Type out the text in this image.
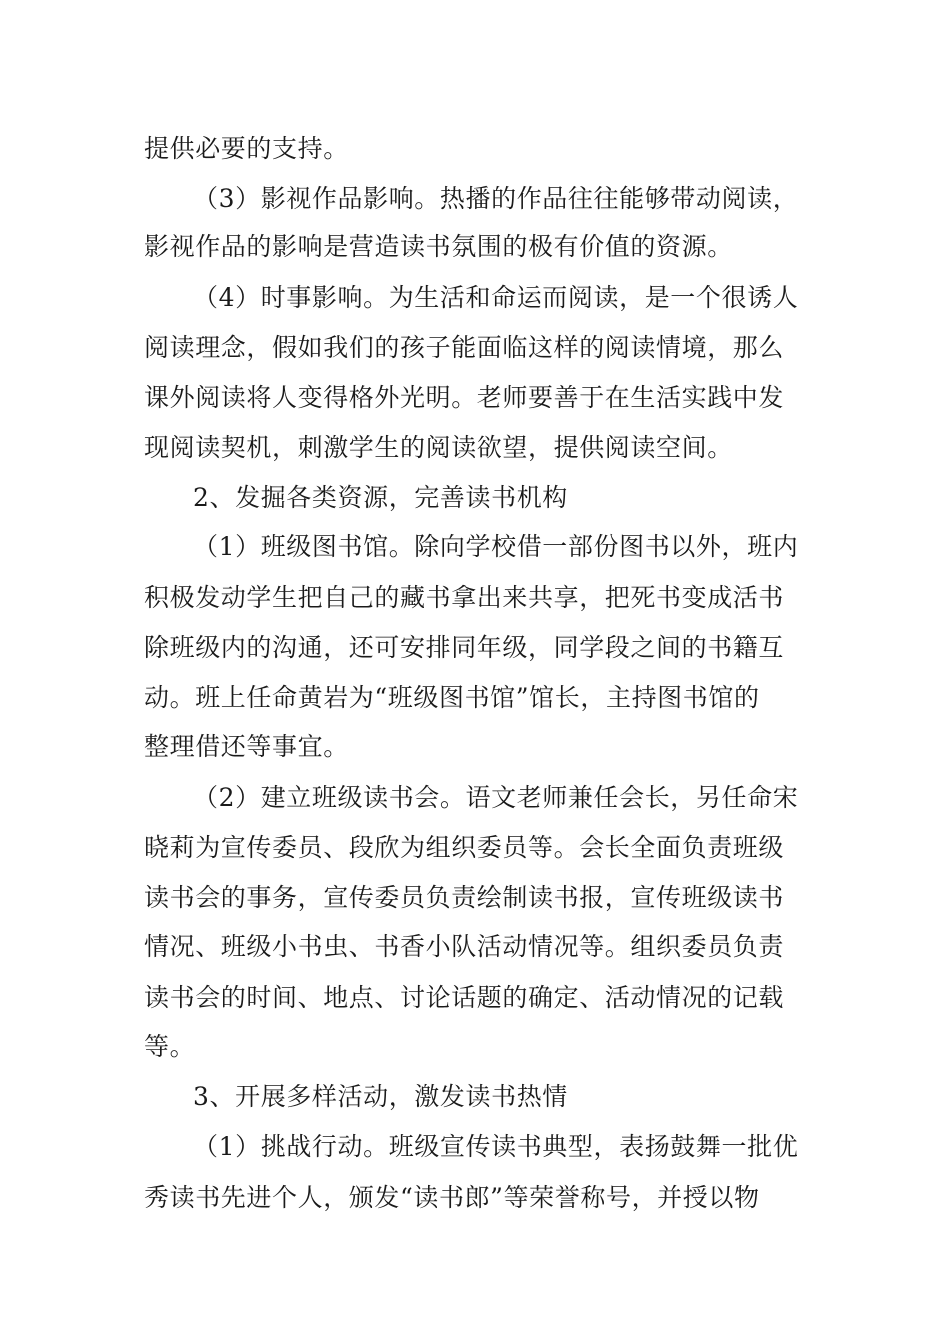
提供必要的支持。
（3）影视作品影响。热播的作品往往能够带动阅读，
影视作品的影响是营造读书氛围的极有价值的资源。
（4）时事影响。为生活和命运而阅读，是一个很诱人
阅读理念，假如我们的孩子能面临这样的阅读情境，那么
课外阅读将人变得格外光明。老师要善于在生活实践中发
现阅读契机，刺激学生的阅读欲望，提供阅读空间。
2、发掘各类资源，完善读书机构
（1）班级图书馆。除向学校借一部份图书以外，班内
积极发动学生把自己的藏书拿出来共享，把死书变成活书
除班级内的沟通，还可安排同年级，同学段之间的书籍互
动。班上任命黄岩为“班级图书馆”馆长，主持图书馆的
整理借还等事宜。
（2）建立班级读书会。语文老师兼任会长，另任命宋
晓莉为宣传委员、段欣为组织委员等。会长全面负责班级
读书会的事务，宣传委员负责绘制读书报，宣传班级读书
情况、班级小书虫、书香小队活动情况等。组织委员负责
读书会的时间、地点、讨论话题的确定、活动情况的记载
等。
3、开展多样活动，激发读书热情
（1）挑战行动。班级宣传读书典型，表扬鼓舞一批优
秀读书先进个人，颁发“读书郎”等荣誉称号，并授以物
